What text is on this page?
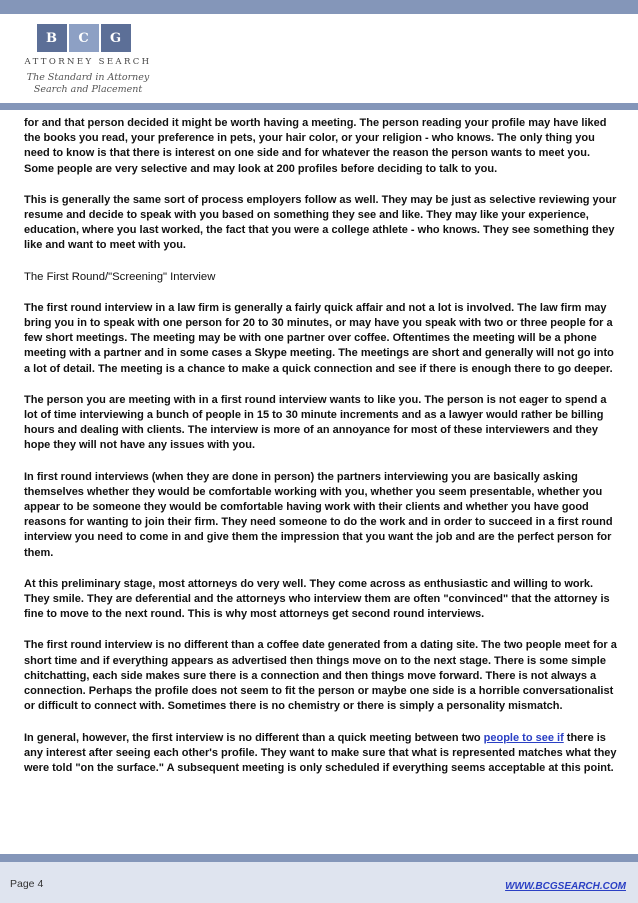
B	C	G
ATTORNEY SEARCH
The Standard in Attorney
Search and Placement

for and that person decided it might be worth having a meeting. The person reading your profile may have liked the books you read, your preference in pets, your hair color, or your religion - who knows. The only thing you need to know is that there is interest on one side and for whatever the reason the person wants to meet you. Some people are very selective and may look at 200 profiles before deciding to talk to you.

This is generally the same sort of process employers follow as well. They may be just as selective reviewing your resume and decide to speak with you based on something they see and like. They may like your experience, education, where you last worked, the fact that you were a college athlete - who knows. They see something they like and want to meet with you.

The First Round/"Screening" Interview

The first round interview in a law firm is generally a fairly quick affair and not a lot is involved. The law firm may bring you in to speak with one person for 20 to 30 minutes, or may have you speak with two or three people for a few short meetings. The meeting may be with one partner over coffee. Oftentimes the meeting will be a phone meeting with a partner and in some cases a Skype meeting. The meetings are short and generally will not go into a lot of detail. The meeting is a chance to make a quick connection and see if there is enough there to go deeper.

The person you are meeting with in a first round interview wants to like you. The person is not eager to spend a lot of time interviewing a bunch of people in 15 to 30 minute increments and as a lawyer would rather be billing hours and dealing with clients. The interview is more of an annoyance for most of these interviewers and they hope they will not have any issues with you.

In first round interviews (when they are done in person) the partners interviewing you are basically asking themselves whether they would be comfortable working with you, whether you seem presentable, whether you appear to be someone they would be comfortable having work with their clients and whether you have good reasons for wanting to join their firm. They need someone to do the work and in order to succeed in a first round interview you need to come in and give them the impression that you want the job and are the perfect person for them.

At this preliminary stage, most attorneys do very well. They come across as enthusiastic and willing to work. They smile. They are deferential and the attorneys who interview them are often "convinced" that the attorney is fine to move to the next round. This is why most attorneys get second round interviews.

The first round interview is no different than a coffee date generated from a dating site. The two people meet for a short time and if everything appears as advertised then things move on to the next stage. There is some simple chitchatting, each side makes sure there is a connection and then things move forward. There is not always a connection. Perhaps the profile does not seem to fit the person or maybe one side is a horrible conversationalist or difficult to connect with. Sometimes there is no chemistry or there is simply a personality mismatch.

In general, however, the first interview is no different than a quick meeting between two people to see if there is any interest after seeing each other's profile. They want to make sure that what is represented matches what they were told "on the surface." A subsequent meeting is only scheduled if everything seems acceptable at this point.

Page 4	WWW.BCGSEARCH.COM
